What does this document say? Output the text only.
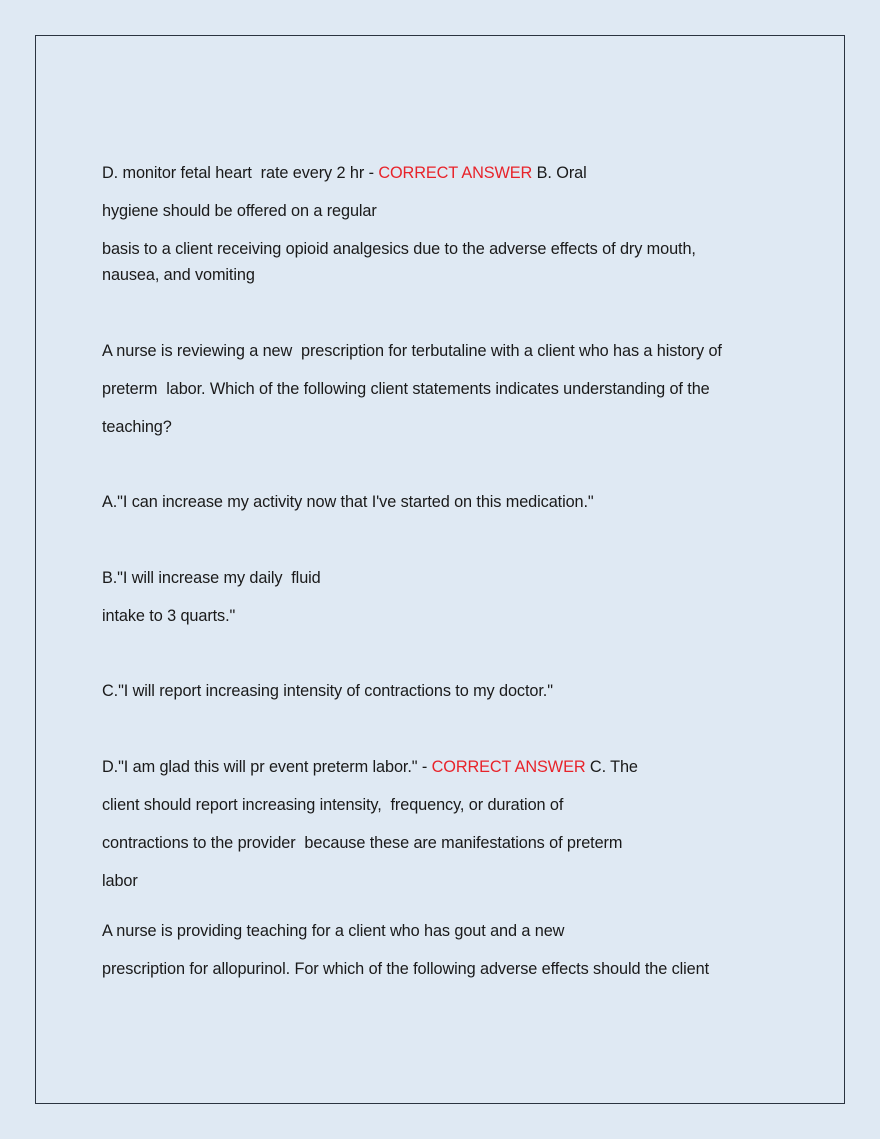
D. monitor fetal heart  rate every 2 hr - CORRECT ANSWER B. Oral
hygiene should be offered on a regular
basis to a client receiving opioid analgesics due to the adverse effects of dry mouth,
nausea, and vomiting
A nurse is reviewing a new  prescription for terbutaline with a client who has a history of
preterm  labor. Which of the following client statements indicates understanding of the
teaching?
A."I can increase my activity now that I've started on this medication."
B."I will increase my daily  fluid
intake to 3 quarts."
C."I will report increasing intensity of contractions to my doctor."
D."I am glad this will pr event preterm labor." - CORRECT ANSWER C. The
client should report increasing intensity,  frequency, or duration of
contractions to the provider  because these are manifestations of preterm
labor
A nurse is providing teaching for a client who has gout and a new
prescription for allopurinol. For which of the following adverse effects should the client
